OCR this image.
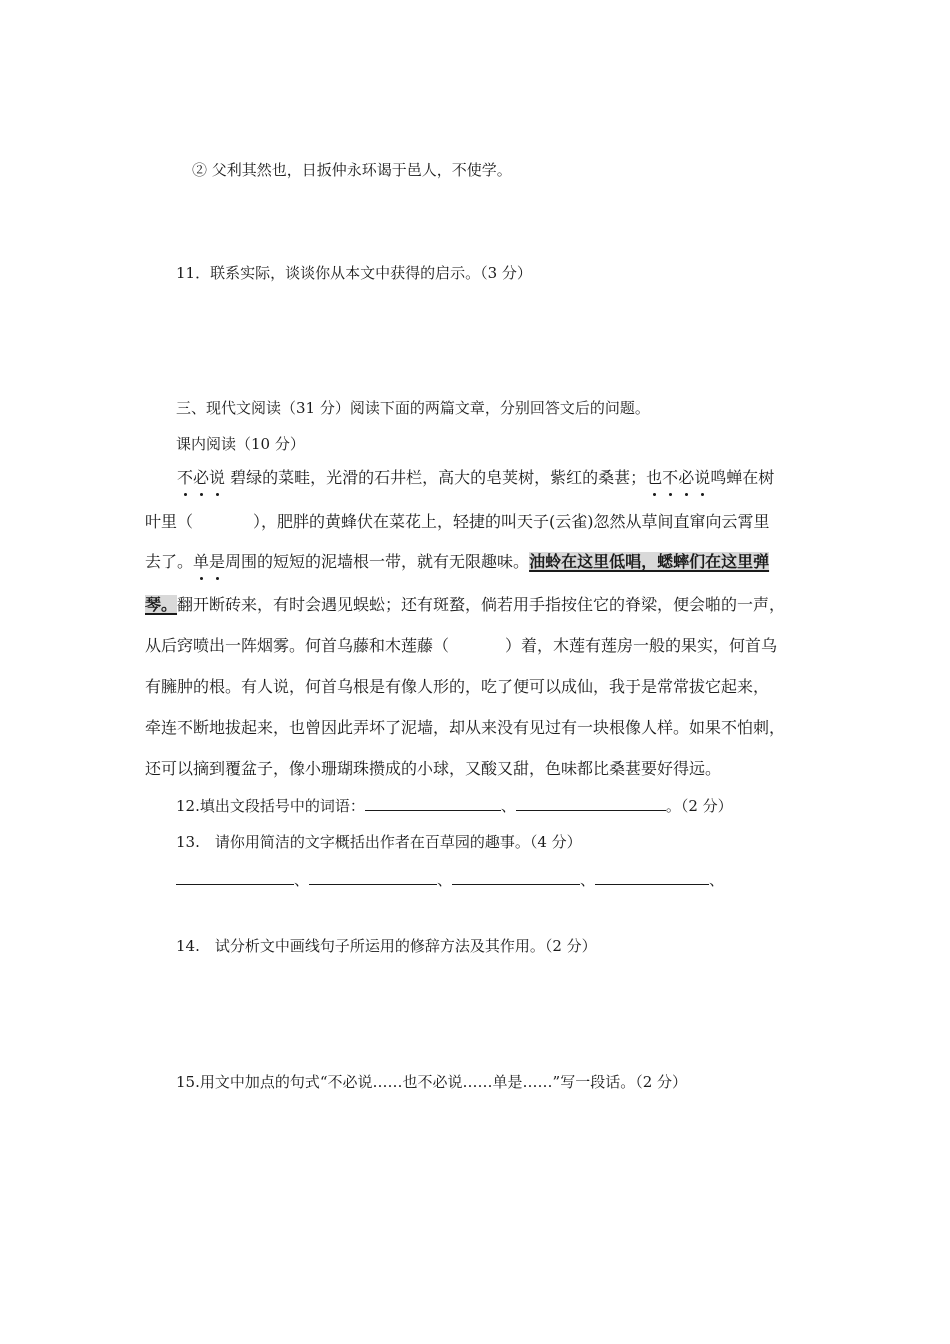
② 父利其然也，日扳仲永环谒于邑人，不使学。
11．联系实际，谈谈你从本文中获得的启示。（3 分）
三、现代文阅读（31 分）阅读下面的两篇文章，分别回答文后的问题。
课内阅读（10 分）
不必说 碧绿的菜畦，光滑的石井栏，高大的皂荚树，紫红的桑葚；也不必说鸣蝉在树
叶里（	），肥胖的黄蜂伏在菜花上，轻捷的叫天子(云雀)忽然从草间直窜向云霄里
去了。单是周围的短短的泥墙根一带，就有无限趣味。油蛉在这里低唱，蟋蟀们在这里弹
琴。翻开断砖来，有时会遇见蜈蚣；还有斑蝥，倘若用手指按住它的脊梁，便会啪的一声，
从后窍喷出一阵烟雾。何首乌藤和木莲藤（	）着，木莲有莲房一般的果实，何首乌
有臃肿的根。有人说，何首乌根是有像人形的，吃了便可以成仙，我于是常常拔它起来，
牵连不断地拔起来，也曾因此弄坏了泥墙，却从来没有见过有一块根像人样。如果不怕刺，
还可以摘到覆盆子，像小珊瑚珠攒成的小球，又酸又甜，色味都比桑葚要好得远。
12.填出文段括号中的词语：	、	。（2 分）
13.　请你用简洁的文字概括出作者在百草园的趣事。（4 分）
、	、	、	、
14.　试分析文中画线句子所运用的修辞方法及其作用。（2 分）
15.用文中加点的句式“不必说……也不必说……单是……”写一段话。（2 分）
